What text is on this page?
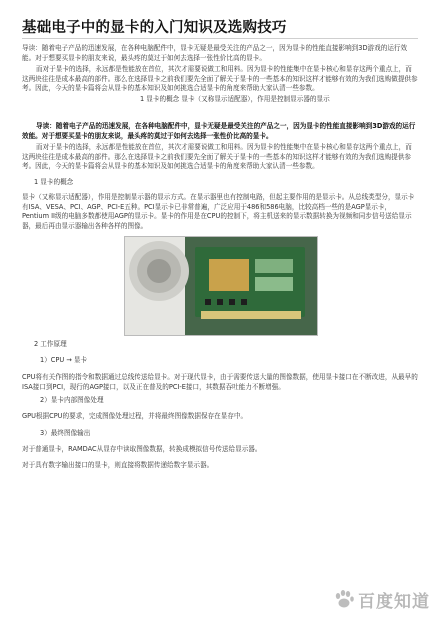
基础电子中的显卡的入门知识及选购技巧

导读：随着电子产品的迅速发展，在各种电脑配件中，显卡无疑是最受关注的产品之一，因为显卡的性能直接影响到3D游戏的运行效能。对于想要买显卡的朋友来说，最头疼的莫过于如何去选择一张性价比高的显卡。

而对于显卡的选择，永远都是性能放在首位，其次才需要说做工和用料。因为显卡的性能集中在显卡核心和显存这两个重点上，而这两块往往是成本最高的部件。那么在选择显卡之前我们要先全面了解关于显卡的一些基本的知识这样才能够有效的为我们选购做提供参考。因此，今天的显卡篇将会从显卡的基本知识及如何挑选合适显卡的角度来帮助大家认清一些参数。

1 显卡的概念 显卡（又称显示适配器），作用是控制显示器的显示

导读：随着电子产品的迅速发展，在各种电脑配件中，显卡无疑是最受关注的产品之一，因为显卡的性能直接影响到3D游戏的运行效能。对于想要买显卡的朋友来说，最头疼的莫过于如何去选择一张性价比高的显卡。

而对于显卡的选择，永远都是性能放在首位，其次才需要说做工和用料。因为显卡的性能集中在显卡核心和显存这两个重点上，而这两块往往是成本最高的部件。那么在选择显卡之前我们要先全面了解关于显卡的一些基本的知识这样才能够有效的为我们选购提供参考。因此，今天的显卡篇将会从显卡的基本知识及如何挑选合适显卡的角度来帮助大家认清一些参数。

1 显卡的概念

显卡（又称显示适配器），作用是控制显示器的显示方式。在显示器里也有控制电路，但起主要作用的是显示卡。从总线类型分，显示卡有ISA、VESA、PCI、AGP、PCI-E五种。PCI显示卡已非常普遍，广泛应用于486和586电脑，比较高档一些的是AGP显示卡，Pentium II级的电脑多数都使用AGP的显示卡。显卡的作用是在CPU的控制下，将主机送来的显示数据转换为视频和同步信号送给显示器，最后再由显示器输出各种各样的图像。

2 工作原理
1）CPU → 显卡

CPU将有关作图的指令和数据通过总线传送给显卡。对于现代显卡，由于需要传送大量的图像数据，使用显卡接口在不断改进，从最早的ISA接口到PCI，现行的AGP接口，以及正在普及的PCI-E接口，其数据吞吐能力不断增强。

2）显卡内部图像处理

GPU根据CPU的要求，完成图像处理过程，并将最终图像数据保存在显存中。

3）最终图像输出

对于普通显卡，RAMDAC从显存中读取图像数据，转换成模拟信号传送给显示器。

对于具有数字输出接口的显卡，则直接将数据传递给数字显示器。

百度知道
